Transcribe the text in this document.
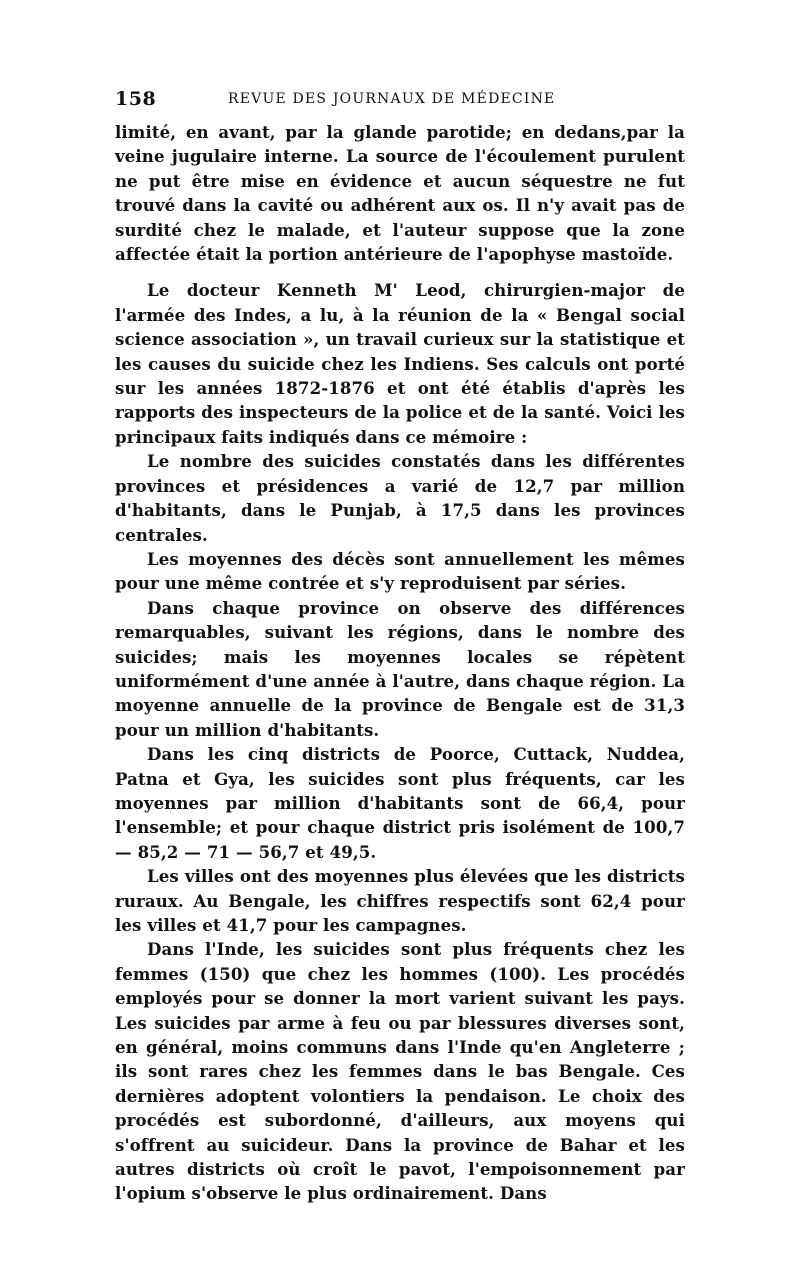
158	REVUE DES JOURNAUX DE MÉDECINE

limité, en avant, par la glande parotide; en dedans,par la veine jugulaire interne. La source de l'écoulement purulent ne put être mise en évidence et aucun séquestre ne fut trouvé dans la cavité ou adhérent aux os. Il n'y avait pas de surdité chez le malade, et l'auteur suppose que la zone affectée était la portion antérieure de l'apophyse mastoïde.

Le docteur Kenneth M' Leod, chirurgien-major de l'armée des Indes, a lu, à la réunion de la « Bengal social science association », un travail curieux sur la statistique et les causes du suicide chez les Indiens. Ses calculs ont porté sur les années 1872-1876 et ont été établis d'après les rapports des inspecteurs de la police et de la santé. Voici les principaux faits indiqués dans ce mémoire :

Le nombre des suicides constatés dans les différentes provinces et présidences a varié de 12,7 par million d'habitants, dans le Punjab, à 17,5 dans les provinces centrales.

Les moyennes des décès sont annuellement les mêmes pour une même contrée et s'y reproduisent par séries.

Dans chaque province on observe des différences remarquables, suivant les régions, dans le nombre des suicides; mais les moyennes locales se répètent uniformément d'une année à l'autre, dans chaque région. La moyenne annuelle de la province de Bengale est de 31,3 pour un million d'habitants.

Dans les cinq districts de Poorce, Cuttack, Nuddea, Patna et Gya, les suicides sont plus fréquents, car les moyennes par million d'habitants sont de 66,4, pour l'ensemble; et pour chaque district pris isolément de 100,7 — 85,2 — 71 — 56,7 et 49,5.

Les villes ont des moyennes plus élevées que les districts ruraux. Au Bengale, les chiffres respectifs sont 62,4 pour les villes et 41,7 pour les campagnes.

Dans l'Inde, les suicides sont plus fréquents chez les femmes (150) que chez les hommes (100). Les procédés employés pour se donner la mort varient suivant les pays. Les suicides par arme à feu ou par blessures diverses sont, en général, moins communs dans l'Inde qu'en Angleterre ; ils sont rares chez les femmes dans le bas Bengale. Ces dernières adoptent volontiers la pendaison. Le choix des procédés est subordonné, d'ailleurs, aux moyens qui s'offrent au suicideur. Dans la province de Bahar et les autres districts où croît le pavot, l'empoisonnement par l'opium s'observe le plus ordinairement. Dans
